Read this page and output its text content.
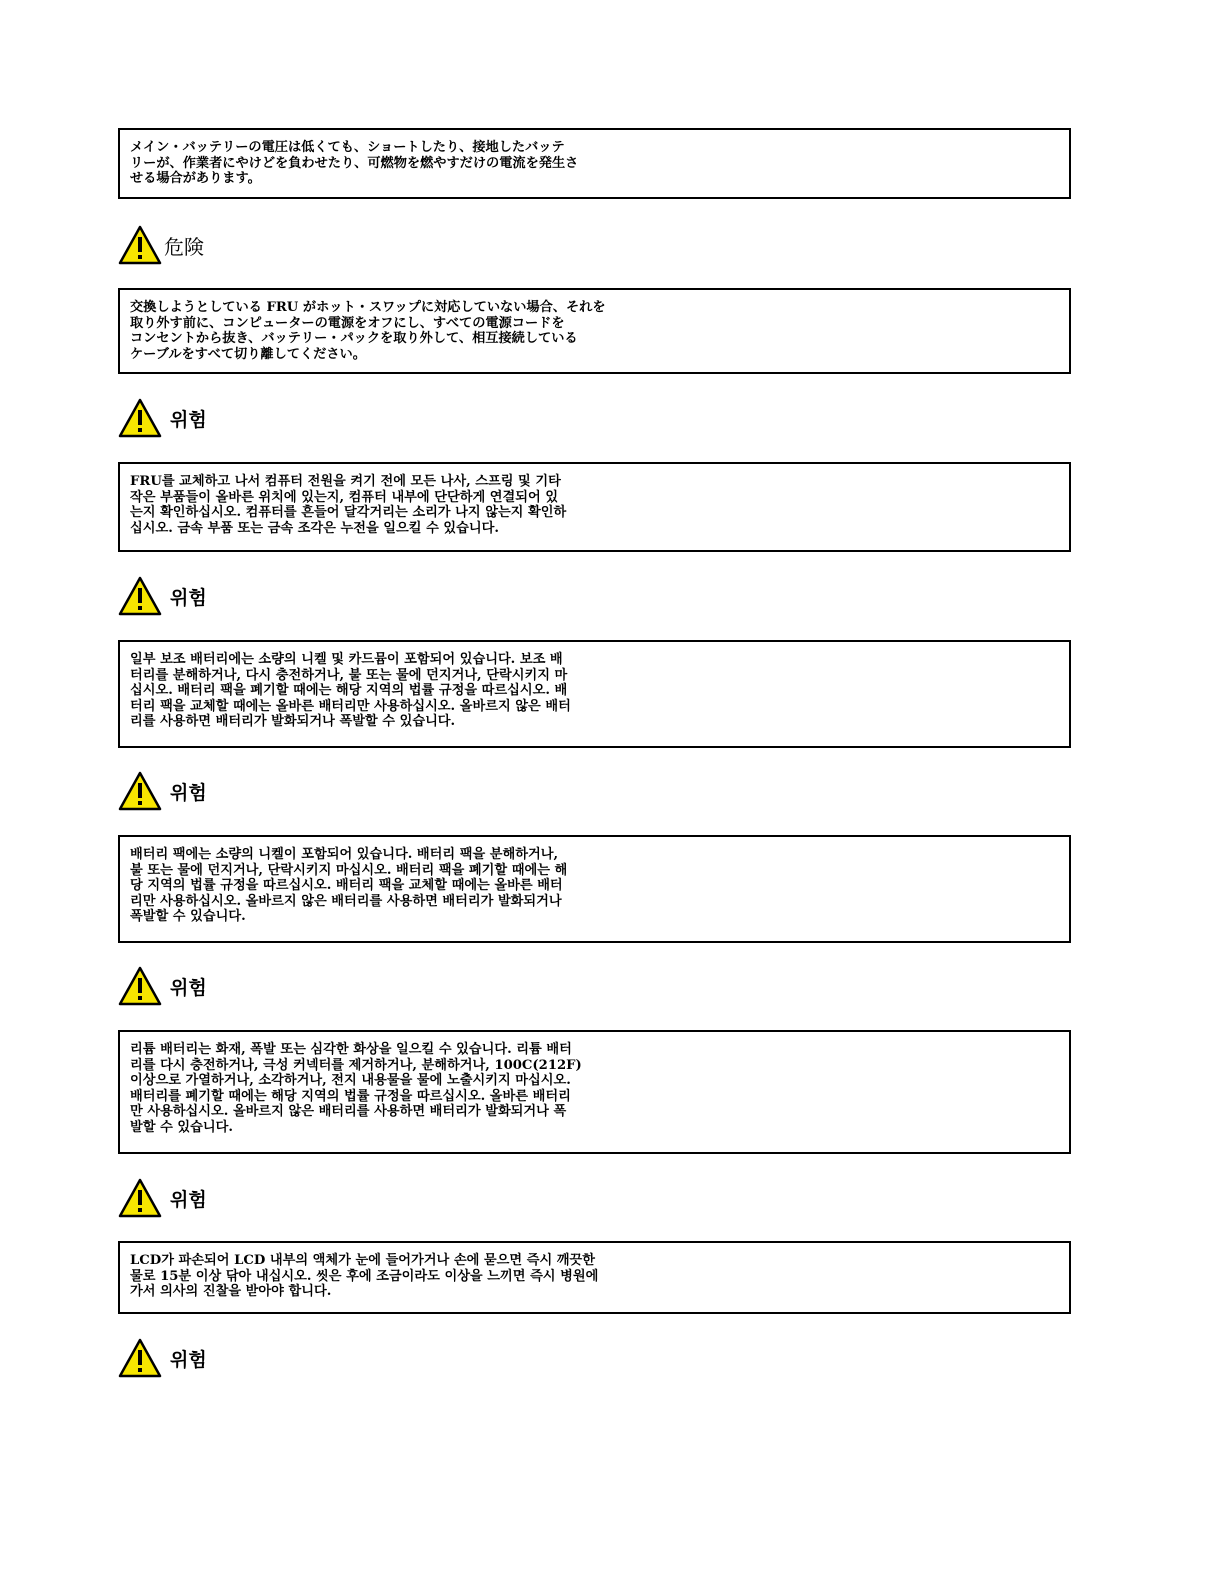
メイン・バッテリーの電圧は低くても、ショートしたり、接地したバッテ
リーが、作業者にやけどを負わせたり、可燃物を燃やすだけの電流を発生さ
せる場合があります。
危険
交換しようとしている FRU がホット・スワップに対応していない場合、それを
取り外す前に、コンピューターの電源をオフにし、すべての電源コードを
コンセントから抜き、バッテリー・パックを取り外して、相互接続している
ケーブルをすべて切り離してください。
위험
FRU를 교체하고 나서 컴퓨터 전원을 켜기 전에 모든 나사, 스프링 및 기타
작은 부품들이 올바른 위치에 있는지, 컴퓨터 내부에 단단하게 연결되어 있
는지 확인하십시오. 컴퓨터를 흔들어 달각거리는 소리가 나지 않는지 확인하
십시오. 금속 부품 또는 금속 조각은 누전을 일으킬 수 있습니다.
위험
일부 보조 배터리에는 소량의 니켈 및 카드뮴이 포함되어 있습니다. 보조 배
터리를 분해하거나, 다시 충전하거나, 불 또는 물에 던지거나, 단락시키지 마
십시오. 배터리 팩을 폐기할 때에는 해당 지역의 법률 규정을 따르십시오. 배
터리 팩을 교체할 때에는 올바른 배터리만 사용하십시오. 올바르지 않은 배터
리를 사용하면 배터리가 발화되거나 폭발할 수 있습니다.
위험
배터리 팩에는 소량의 니켈이 포함되어 있습니다. 배터리 팩을 분해하거나,
불 또는 물에 던지거나, 단락시키지 마십시오. 배터리 팩을 폐기할 때에는 해
당 지역의 법률 규정을 따르십시오. 배터리 팩을 교체할 때에는 올바른 배터
리만 사용하십시오. 올바르지 않은 배터리를 사용하면 배터리가 발화되거나
폭발할 수 있습니다.
위험
리튬 배터리는 화재, 폭발 또는 심각한 화상을 일으킬 수 있습니다. 리튬 배터
리를 다시 충전하거나, 극성 커넥터를 제거하거나, 분해하거나, 100C(212F)
이상으로 가열하거나, 소각하거나, 전지 내용물을 물에 노출시키지 마십시오.
배터리를 폐기할 때에는 해당 지역의 법률 규정을 따르십시오. 올바른 배터리
만 사용하십시오. 올바르지 않은 배터리를 사용하면 배터리가 발화되거나 폭
발할 수 있습니다.
위험
LCD가 파손되어 LCD 내부의 액체가 눈에 들어가거나 손에 묻으면 즉시 깨끗한
물로 15분 이상 닦아 내십시오. 씻은 후에 조금이라도 이상을 느끼면 즉시 병원에
가서 의사의 진찰을 받아야 합니다.
위험
